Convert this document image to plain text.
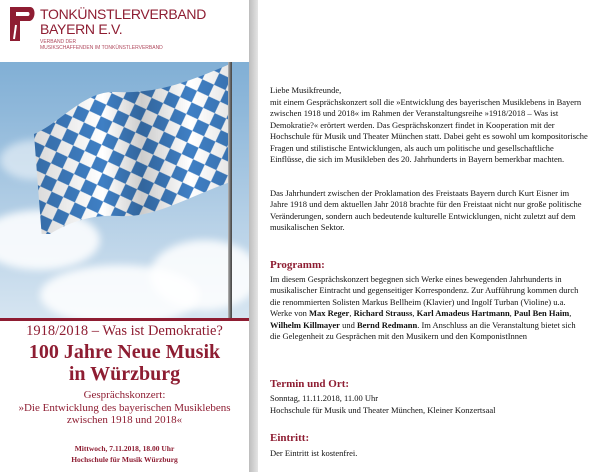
TONKÜNSTLERVERBAND
BAYERN E.V.
VERBAND DER
MUSIKSCHAFFENDEN IM TONKÜNSTLERVERBAND
1918/2018 – Was ist Demokratie?
100 Jahre Neue Musik
in Würzburg
Gesprächskonzert:
»Die Entwicklung des bayerischen Musiklebens
zwischen 1918 und 2018«
Mittwoch, 7.11.2018, 18.00 Uhr
Hochschule für Musik Würzburg

Liebe Musikfreunde,

mit einem Gesprächskonzert soll die »Entwicklung des bayerischen Musiklebens in Bayern zwischen 1918 und 2018« im Rahmen der Veranstaltungsreihe »1918/2018 – Was ist Demokratie?« erörtert werden. Das Gesprächskonzert findet in Kooperation mit der Hochschule für Musik und Theater München statt. Dabei geht es sowohl um kompositorische Fragen und stilistische Entwicklungen, als auch um politische und gesellschaftliche Einflüsse, die sich im Musikleben des 20. Jahrhunderts in Bayern bemerkbar machten.

Das Jahrhundert zwischen der Proklamation des Freistaats Bayern durch Kurt Eisner im Jahre 1918 und dem aktuellen Jahr 2018 brachte für den Freistaat nicht nur große politische Veränderungen, sondern auch bedeutende kulturelle Entwicklungen, nicht zuletzt auf dem musikalischen Sektor.

Programm:

Im diesem Gesprächskonzert begegnen sich Werke eines bewegenden Jahrhunderts in musikalischer Eintracht und gegenseitiger Korrespondenz. Zur Aufführung kommen durch die renommierten Solisten Markus Bellheim (Klavier) und Ingolf Turban (Violine) u.a. Werke von Max Reger, Richard Strauss, Karl Amadeus Hartmann, Paul Ben Haim, Wilhelm Killmayer und Bernd Redmann. Im Anschluss an die Veranstaltung bietet sich die Gelegenheit zu Gesprächen mit den Musikern und den KomponistInnen

Termin und Ort:

Sonntag, 11.11.2018, 11.00 Uhr

Hochschule für Musik und Theater München, Kleiner Konzertsaal

Eintritt:

Der Eintritt ist kostenfrei.
